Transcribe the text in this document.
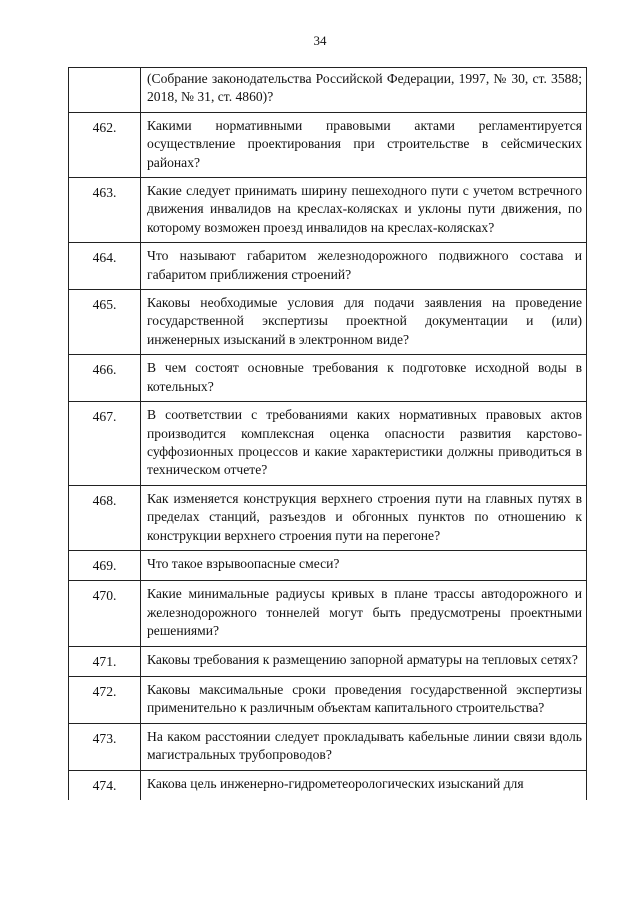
34
	(Собрание законодательства Российской Федерации, 1997, № 30, ст. 3588; 2018, № 31, ст. 4860)?
462.	Какими нормативными правовыми актами регламентируется осуществление проектирования при строительстве в сейсмических районах?
463.	Какие следует принимать ширину пешеходного пути с учетом встречного движения инвалидов на креслах-колясках и уклоны пути движения, по которому возможен проезд инвалидов на креслах-колясках?
464.	Что называют габаритом железнодорожного подвижного состава и габаритом приближения строений?
465.	Каковы необходимые условия для подачи заявления на проведение государственной экспертизы проектной документации и (или) инженерных изысканий в электронном виде?
466.	В чем состоят основные требования к подготовке исходной воды в котельных?
467.	В соответствии с требованиями каких нормативных правовых актов производится комплексная оценка опасности развития карстово-суффозионных процессов и какие характеристики должны приводиться в техническом отчете?
468.	Как изменяется конструкция верхнего строения пути на главных путях в пределах станций, разъездов и обгонных пунктов по отношению к конструкции верхнего строения пути на перегоне?
469.	Что такое взрывоопасные смеси?
470.	Какие минимальные радиусы кривых в плане трассы автодорожного и железнодорожного тоннелей могут быть предусмотрены проектными решениями?
471.	Каковы требования к размещению запорной арматуры на тепловых сетях?
472.	Каковы максимальные сроки проведения государственной экспертизы применительно к различным объектам капитального строительства?
473.	На каком расстоянии следует прокладывать кабельные линии связи вдоль магистральных трубопроводов?
474.	Какова цель инженерно-гидрометеорологических изысканий для
